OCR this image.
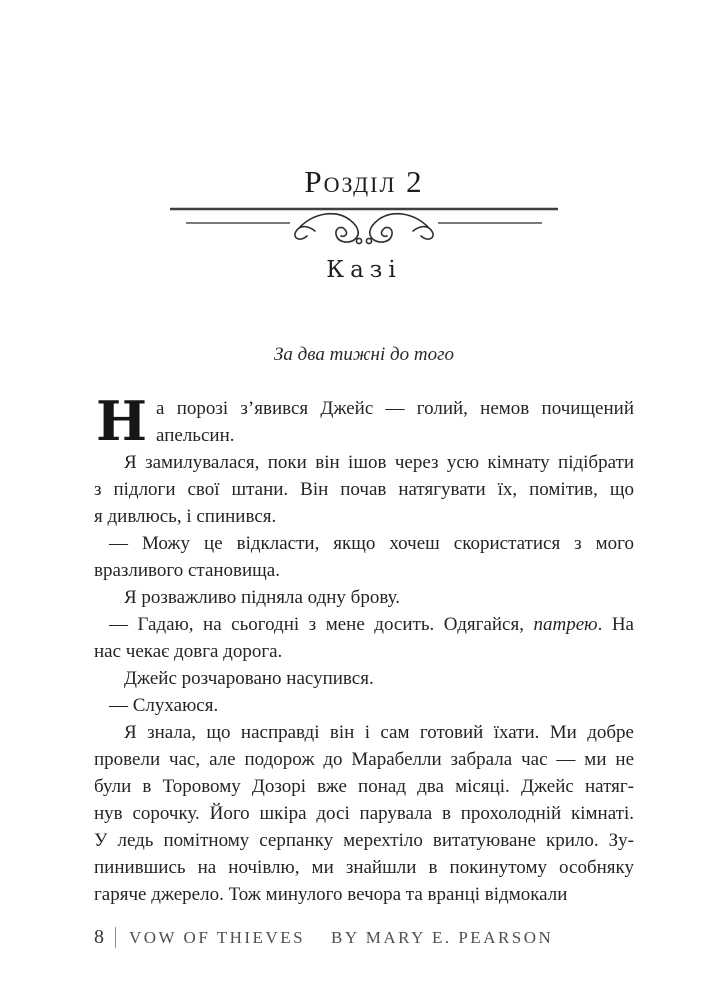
Розділ 2
Казі
За два тижні до того
Н а порозі з’явився Джейс — голий, немов почищений
апельсин.
Я замилувалася, поки він ішов через усю кімнату підібрати
з підлоги свої штани. Він почав натягувати їх, помітив, що
я дивлюсь, і спинився.
— Можу це відкласти, якщо хочеш скористатися з мого
вразливого становища.
Я розважливо підняла одну брову.
— Гадаю, на сьогодні з мене досить. Одягайся, патрею. На
нас чекає довга дорога.
Джейс розчаровано насупився.
— Слухаюся.
Я знала, що насправді він і сам готовий їхати. Ми добре
провели час, але подорож до Марабелли забрала час — ми не
були в Торовому Дозорі вже понад два місяці. Джейс натяг-
нув сорочку. Його шкіра досі парувала в прохолодній кімнаті.
У ледь помітному серпанку мерехтіло витатуюване крило. Зу-
пинившись на ночівлю, ми знайшли в покинутому особняку
гаряче джерело. Тож минулого вечора та вранці відмокали
8 VOW OF THIEVES BY MARY E. PEARSON
